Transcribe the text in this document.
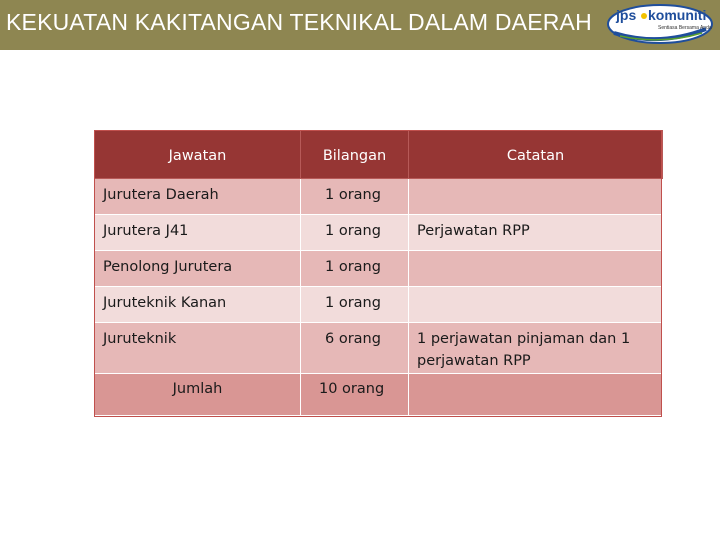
KEKUATAN KAKITANGAN TEKNIKAL DALAM DAERAH jps komuniti
Sentiasa Bersama Anda
Jawatan	Bilangan	Catatan
Jurutera Daerah	1 orang	
Jurutera J41	1 orang	Perjawatan RPP
Penolong Jurutera	1 orang	
Juruteknik Kanan	1 orang	
Juruteknik	6 orang	1 perjawatan pinjaman dan 1 perjawatan RPP
Jumlah	10 orang	
